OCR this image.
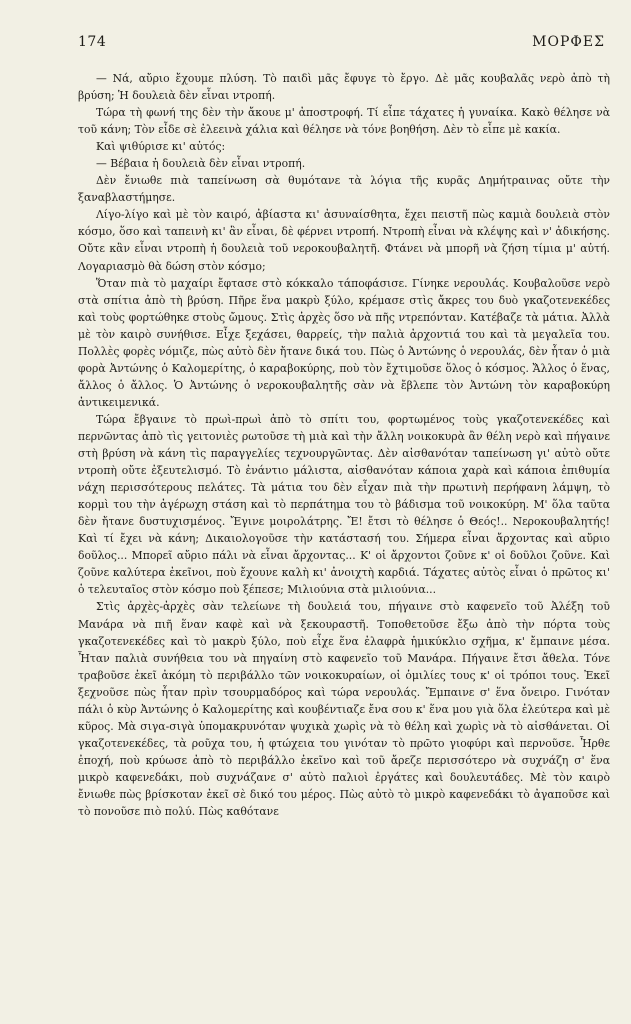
174	ΜΟΡΦΕΣ

— Νά, αὔριο ἔχουμε πλύση. Τὸ παιδὶ μᾶς ἔφυγε τὸ ἔργο. Δὲ μᾶς κουβαλᾶς νερὸ ἀπὸ τὴ βρύση; Ἡ δουλειὰ δὲν εἶναι ντροπή.

Τώρα τὴ φωνή της δὲν τὴν ἄκουε μ' ἀποστροφή. Τί εἶπε τάχατες ἡ γυναίκα. Κακὸ θέλησε νὰ τοῦ κάνη; Τὸν εἶδε σὲ ἐλεεινὰ χάλια καὶ θέλησε νὰ τόνε βοηθήση. Δὲν τὸ εἶπε μὲ κακία.

Καὶ ψιθύρισε κι' αὐτός:

— Βέβαια ἡ δουλειὰ δὲν εἶναι ντροπή.

Δὲν ἔνιωθε πιὰ ταπείνωση σὰ θυμότανε τὰ λόγια τῆς κυρᾶς Δημήτραινας οὔτε τὴν ξαναβλαστήμησε.

Λίγο-λίγο καὶ μὲ τὸν καιρό, ἀβίαστα κι' ἀσυναίσθητα, ἔχει πειστῆ πὼς καμιὰ δουλειὰ στὸν κόσμο, ὅσο καὶ ταπεινὴ κι' ἂν εἶναι, δὲ φέρνει ντροπή. Ντροπὴ εἶναι νὰ κλέψης καὶ ν' ἀδικήσης. Οὔτε κἂν εἶναι ντροπὴ ἡ δουλειὰ τοῦ νεροκουβαλητῆ. Φτάνει νὰ μπορῆ νὰ ζήση τίμια μ' αὐτή. Λογαριασμὸ θὰ δώση στὸν κόσμο;

Ὅταν πιὰ τὸ μαχαίρι ἔφτασε στὸ κόκκαλο τάποφάσισε. Γίνηκε νερουλάς. Κουβαλοῦσε νερὸ στὰ σπίτια ἀπὸ τὴ βρύση. Πῆρε ἕνα μακρὺ ξύλο, κρέμασε στὶς ἄκρες του δυὸ γκαζοτενεκέδες καὶ τοὺς φορτώθηκε στοὺς ὤμους. Στὶς ἀρχὲς ὅσο νὰ πῆς ντρεπόνταν. Κατέβαζε τὰ μάτια. Ἀλλὰ μὲ τὸν καιρὸ συνήθισε. Εἶχε ξεχάσει, θαρρείς, τὴν παλιὰ ἀρχοντιά του καὶ τὰ μεγαλεῖα του. Πολλὲς φορὲς νόμιζε, πὼς αὐτὸ δὲν ἤτανε δικά του. Πὼς ὁ Ἀντώνης ὁ νερουλάς, δὲν ἦταν ὁ μιὰ φορὰ Ἀντώνης ὁ Καλομερίτης, ὁ καραβοκύρης, ποὺ τὸν ἔχτιμοῦσε ὅλος ὁ κόσμος. Ἄλλος ὁ ἕνας, ἄλλος ὁ ἄλλος. Ὁ Ἀντώνης ὁ νεροκουβαλητῆς σὰν νὰ ἔβλεπε τὸν Ἀντώνη τὸν καραβοκύρη ἀντικειμενικά.

Τώρα ἔβγαινε τὸ πρωὶ-πρωὶ ἀπὸ τὸ σπίτι του, φορτωμένος τοὺς γκαζοτενεκέδες καὶ περνῶντας ἀπὸ τὶς γειτονιὲς ρωτοῦσε τὴ μιὰ καὶ τὴν ἄλλη νοικοκυρὰ ἂν θέλη νερὸ καὶ πήγαινε στὴ βρύση νὰ κάνη τὶς παραγγελίες τεχνουργῶντας. Δὲν αἰσθανόταν ταπείνωση γι' αὐτὸ οὔτε ντροπὴ οὔτε ἐξευτελισμό. Τὸ ἐνάντιο μάλιστα, αἰσθανόταν κάποια χαρὰ καὶ κάποια ἐπιθυμία νάχη περισσότερους πελάτες. Τὰ μάτια του δὲν εἶχαν πιὰ τὴν πρωτινὴ περήφανη λάμψη, τὸ κορμὶ του τὴν ἀγέρωχη στάση καὶ τὸ περπάτημα του τὸ βάδισμα τοῦ νοικοκύρη. Μ' ὅλα ταῦτα δὲν ἤτανε δυστυχισμένος. Ἔγινε μοιρολάτρης. Ἔ! ἔτσι τὸ θέλησε ὁ Θεός!.. Νεροκουβαλητής! Καὶ τί ἔχει νὰ κάνη; Δικαιολογοῦσε τὴν κατάστασή του. Σήμερα εἶναι ἄρχοντας καὶ αὔριο δοῦλος... Μπορεῖ αὔριο πάλι νὰ εἶναι ἄρχοντας... Κ' οἱ ἄρχοντοι ζοῦνε κ' οἱ δοῦλοι ζοῦνε. Καὶ ζοῦνε καλύτερα ἐκεῖνοι, ποὺ ἔχουνε καλὴ κι' ἀνοιχτὴ καρδιά. Τάχατες αὐτὸς εἶναι ὁ πρῶτος κι' ὁ τελευταῖος στὸν κόσμο ποὺ ξέπεσε; Μιλιούνια στὰ μιλιούνια...

Στὶς ἀρχὲς-ἀρχὲς σὰν τελείωνε τὴ δουλειά του, πήγαινε στὸ καφενεῖο τοῦ Ἀλέξη τοῦ Μανάρα νὰ πιῆ ἕναν καφὲ καὶ νὰ ξεκουραστῆ. Τοποθετοῦσε ἔξω ἀπὸ τὴν πόρτα τοὺς γκαζοτενεκέδες καὶ τὸ μακρὺ ξύλο, ποὺ εἶχε ἕνα ἐλαφρὰ ἡμικύκλιο σχῆμα, κ' ἔμπαινε μέσα. Ἦταν παλιὰ συνήθεια του νὰ πηγαίνη στὸ καφενεῖο τοῦ Μανάρα. Πήγαινε ἔτσι ἄθελα. Τόνε τραβοῦσε ἐκεῖ ἀκόμη τὸ περιβάλλο τῶν νοικοκυραίων, οἱ ὁμιλίες τους κ' οἱ τρόποι τους. Ἐκεῖ ξεχνοῦσε πὼς ἦταν πρὶν τσουρμαδόρος καὶ τώρα νερουλάς. Ἔμπαινε σ' ἕνα ὄνειρο. Γινόταν πάλι ὁ κὺρ Ἀντώνης ὁ Καλομερίτης καὶ κουβέντιαζε ἔνα σου κ' ἕνα μου γιὰ ὅλα ἐλεύτερα καὶ μὲ κῦρος. Μὰ σιγα-σιγὰ ὑπομακρυνόταν ψυχικὰ χωρὶς νὰ τὸ θέλη καὶ χωρὶς νὰ τὸ αἰσθάνεται. Οἱ γκαζοτενεκέδες, τὰ ροῦχα του, ἡ φτώχεια του γινόταν τὸ πρῶτο γιοφύρι καὶ περνοῦσε. Ἦρθε ἐποχή, ποὺ κρύωσε ἀπὸ τὸ περιβάλλο ἐκεῖνο καὶ τοῦ ἄρεζε περισσότερο νὰ συχνάζη σ' ἕνα μικρὸ καφενεδάκι, ποὺ συχνάζανε σ' αὐτὸ παλιοὶ ἐργάτες καὶ δουλευτάδες. Μὲ τὸν καιρὸ ἔνιωθε πὼς βρίσκοταν ἐκεῖ σὲ δικό του μέρος. Πὼς αὐτὸ τὸ μικρὸ καφενεδάκι τὸ ἀγαποῦσε καὶ τὸ πονοῦσε πιὸ πολύ. Πὼς καθότανε
